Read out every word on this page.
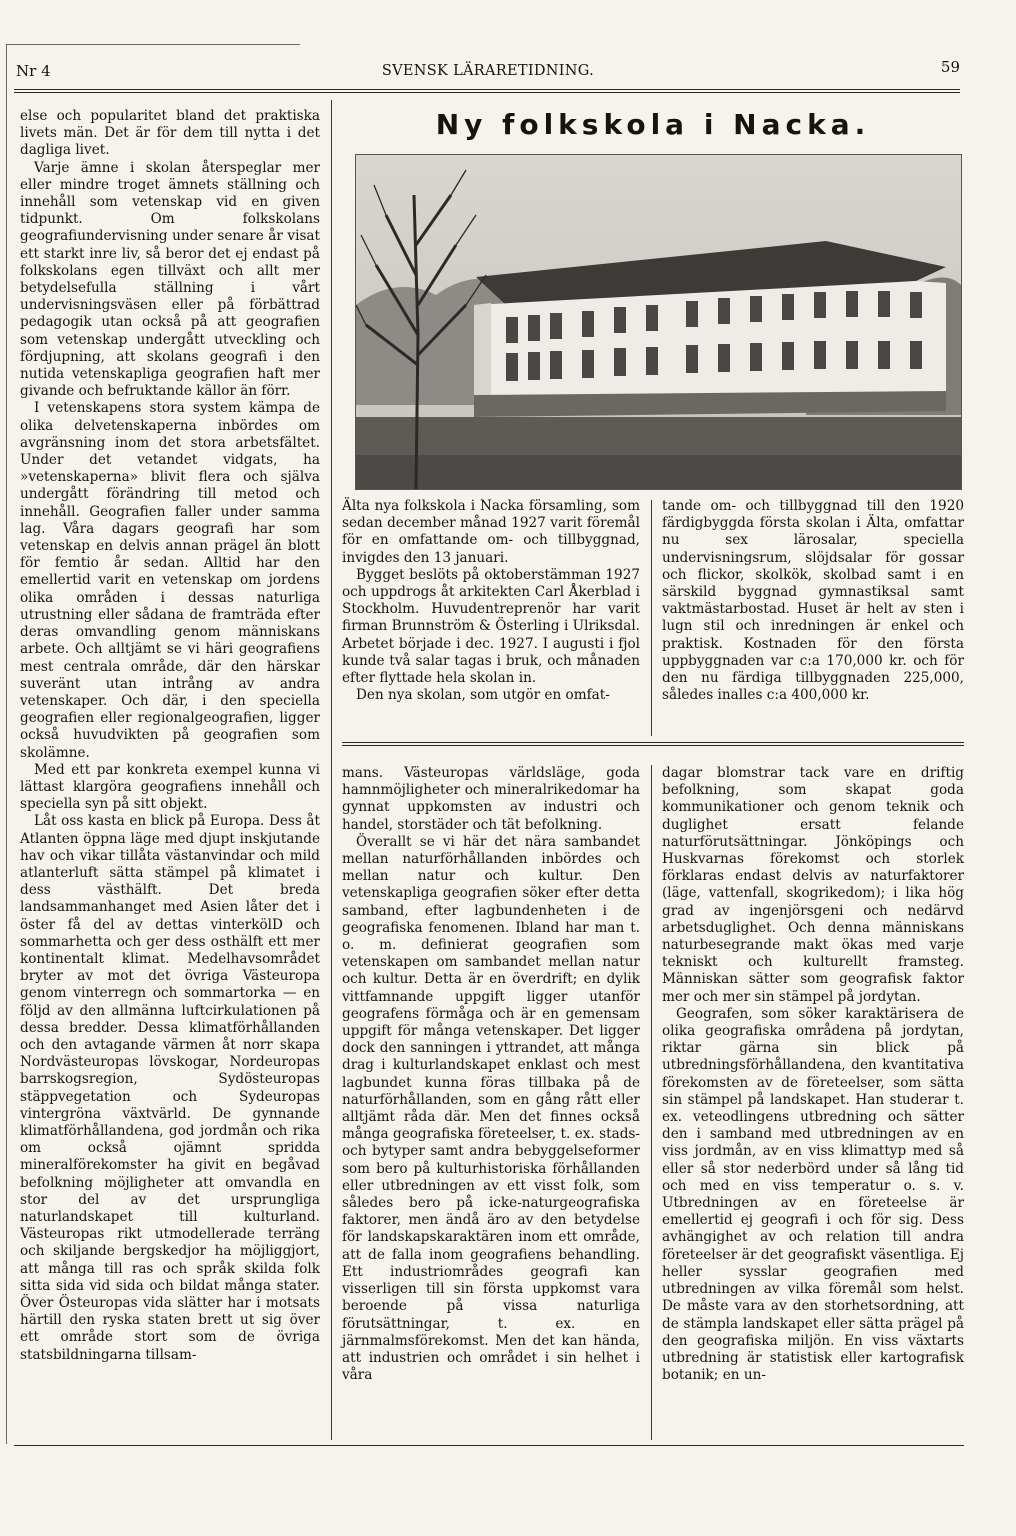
Nr 4	SVENSK LÄRARETIDNING.	59

else och popularitet bland det praktiska livets män. Det är för dem till nytta i det dagliga livet.

Varje ämne i skolan återspeglar mer eller mindre troget ämnets ställning och innehåll som vetenskap vid en given tidpunkt. Om folkskolans geografiundervisning under senare år visat ett starkt inre liv, så beror det ej endast på folkskolans egen tillväxt och allt mer betydelsefulla ställning i vårt undervisningsväsen eller på förbättrad pedagogik utan också på att geografien som vetenskap undergått utveckling och fördjupning, att skolans geografi i den nutida vetenskapliga geografien haft mer givande och befruktande källor än förr.

I vetenskapens stora system kämpa de olika delvetenskaperna inbördes om avgränsning inom det stora arbetsfältet. Under det vetandet vidgats, ha »vetenskaperna» blivit flera och själva undergått förändring till metod och innehåll. Geografien faller under samma lag. Våra dagars geografi har som vetenskap en delvis annan prägel än blott för femtio år sedan. Alltid har den emellertid varit en vetenskap om jordens olika områden i dessas naturliga utrustning eller sådana de framträda efter deras omvandling genom människans arbete. Och alltjämt se vi häri geografiens mest centrala område, där den härskar suveränt utan intrång av andra vetenskaper. Och där, i den speciella geografien eller regionalgeografien, ligger också huvudvikten på geografien som skolämne.

Med ett par konkreta exempel kunna vi lättast klargöra geografiens innehåll och speciella syn på sitt objekt.

Låt oss kasta en blick på Europa. Dess åt Atlanten öppna läge med djupt inskjutande hav och vikar tillåta västanvindar och mild atlanterluft sätta stämpel på klimatet i dess västhälft. Det breda landsammanhanget med Asien låter det i öster få del av dettas vinterkölD och sommarhetta och ger dess osthälft ett mer kontinentalt klimat. Medelhavsområdet bryter av mot det övriga Västeuropa genom vinterregn och sommartorka — en följd av den allmänna luftcirkulationen på dessa bredder. Dessa klimatförhållanden och den avtagande värmen åt norr skapa Nordvästeuropas lövskogar, Nordeuropas barrskogsregion, Sydösteuropas stäppvegetation och Sydeuropas vintergröna växtvärld. De gynnande klimatförhållandena, god jordmån och rika om också ojämnt spridda mineralförekomster ha givit en begåvad befolkning möjligheter att omvandla en stor del av det ursprungliga naturlandskapet till kulturland. Västeuropas rikt utmodellerade terräng och skiljande bergskedjor ha möjliggjort, att många till ras och språk skilda folk sitta sida vid sida och bildat många stater. Över Östeuropas vida slätter har i motsats härtill den ryska staten brett ut sig över ett område stort som de övriga statsbildningarna tillsam-

Ny folkskola i Nacka.

Älta nya folkskola i Nacka församling, som sedan december månad 1927 varit föremål för en omfattande om- och tillbyggnad, invigdes den 13 januari.

Bygget beslöts på oktoberstämman 1927 och uppdrogs åt arkitekten Carl Åkerblad i Stockholm. Huvudentreprenör har varit firman Brunnström & Österling i Ulriksdal. Arbetet började i dec. 1927. I augusti i fjol kunde två salar tagas i bruk, och månaden efter flyttade hela skolan in.

Den nya skolan, som utgör en omfat-

tande om- och tillbyggnad till den 1920 färdigbyggda första skolan i Älta, omfattar nu sex lärosalar, speciella undervisningsrum, slöjdsalar för gossar och flickor, skolkök, skolbad samt i en särskild byggnad gymnastiksal samt vaktmästarbostad. Huset är helt av sten i lugn stil och inredningen är enkel och praktisk. Kostnaden för den första uppbyggnaden var c:a 170,000 kr. och för den nu färdiga tillbyggnaden 225,000, således inalles c:a 400,000 kr.

mans. Västeuropas världsläge, goda hamnmöjligheter och mineralrikedomar ha gynnat uppkomsten av industri och handel, storstäder och tät befolkning.

Överallt se vi här det nära sambandet mellan naturförhållanden inbördes och mellan natur och kultur. Den vetenskapliga geografien söker efter detta samband, efter lagbundenheten i de geografiska fenomenen. Ibland har man t. o. m. definierat geografien som vetenskapen om sambandet mellan natur och kultur. Detta är en överdrift; en dylik vittfamnande uppgift ligger utanför geografens förmåga och är en gemensam uppgift för många vetenskaper. Det ligger dock den sanningen i yttrandet, att många drag i kulturlandskapet enklast och mest lagbundet kunna föras tillbaka på de naturförhållanden, som en gång rått eller alltjämt råda där. Men det finnes också många geografiska företeelser, t. ex. stads- och bytyper samt andra bebyggelseformer som bero på kulturhistoriska förhållanden eller utbredningen av ett visst folk, som således bero på icke-naturgeografiska faktorer, men ändå äro av den betydelse för landskapskaraktären inom ett område, att de falla inom geografiens behandling. Ett industriområdes geografi kan visserligen till sin första uppkomst vara beroende på vissa naturliga förutsättningar, t. ex. en järnmalmsförekomst. Men det kan hända, att industrien och området i sin helhet i våra

dagar blomstrar tack vare en driftig befolkning, som skapat goda kommunikationer och genom teknik och duglighet ersatt felande naturförutsättningar. Jönköpings och Huskvarnas förekomst och storlek förklaras endast delvis av naturfaktorer (läge, vattenfall, skogrikedom); i lika hög grad av ingenjörsgeni och nedärvd arbetsduglighet. Och denna människans naturbesegrande makt ökas med varje tekniskt och kulturellt framsteg. Människan sätter som geografisk faktor mer och mer sin stämpel på jordytan.

Geografen, som söker karaktärisera de olika geografiska områdena på jordytan, riktar gärna sin blick på utbredningsförhållandena, den kvantitativa förekomsten av de företeelser, som sätta sin stämpel på landskapet. Han studerar t. ex. veteodlingens utbredning och sätter den i samband med utbredningen av en viss jordmån, av en viss klimattyp med så eller så stor nederbörd under så lång tid och med en viss temperatur o. s. v. Utbredningen av en företeelse är emellertid ej geografi i och för sig. Dess avhängighet av och relation till andra företeelser är det geografiskt väsentliga. Ej heller sysslar geografien med utbredningen av vilka föremål som helst. De måste vara av den storhetsordning, att de stämpla landskapet eller sätta prägel på den geografiska miljön. En viss växtarts utbredning är statistisk eller kartografisk botanik; en un-
